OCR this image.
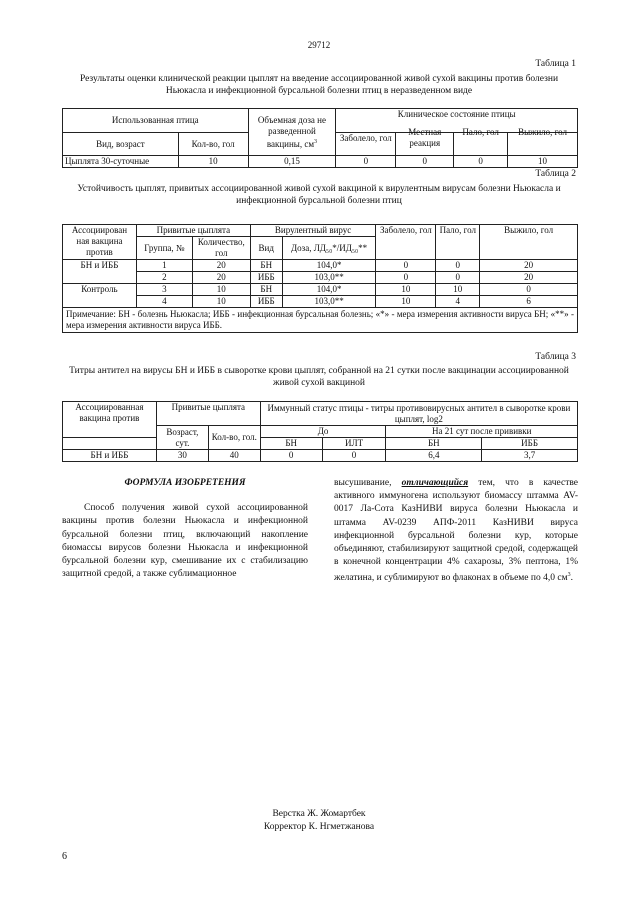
29712
Таблица 1
Результаты оценки клинической реакции цыплят на введение ассоциированной живой сухой вакцины против болезни Ньюкасла и инфекционной бурсальной болезни птиц в неразведенном виде
Использованная птица		Объемная доза не разведенной вакцины, $см^3$	Клиническое состояние птицы			
Вид, возраст	Кол-во, гол		Заболело, гол	Местная реакция	Пало, гол	Выжило, гол
Цыплята 30-суточные	10	0,15	0	0	0	10
Таблица 2
Устойчивость цыплят, привитых ассоциированной живой сухой вакциной к вирулентным вирусам болезни Ньюкасла и инфекционной бурсальной болезни птиц
Ассоциирован ная вакцина против	Привитые цыплята		Вирулентный вирус		Заболело, гол	Пало, гол	Выжило, гол
	Группа, №	Количество, гол	Вид	Доза, ЛД₅₀*/ИД₅₀**			

БН и ИББ	1	20	БН	104,0*	0	0	20
	2	20	ИББ	103,0**	0	0	20
Контроль	3	10	БН	104,0*	10	10	0
	4	10	ИББ	103,0**	10	4	6
Примечание: БН - болезнь Ньюкасла; ИББ - инфекционная бурсальная болезнь; «*» - мера измерения активности вируса БН; «**» - мера измерения активности вируса ИББ.							
Таблица 3
Титры антител на вирусы БН и ИББ в сыворотке крови цыплят, собранной на 21 сутки после вакцинации ассоциированной живой сухой вакциной
Ассоциированная вакцина против	Привитые цыплята		Иммунный статус птицы - титры противовирусных антител в сыворотке крови цыплят, log2			
	Возраст, сут.	Кол-во, гол.	До		На 21 сут после прививки	
			БН	ИЛТ	БН	ИББ
БН и ИББ	30	40	0	0	6,4	3,7
ФОРМУЛА ИЗОБРЕТЕНИЯ
Способ получения живой сухой ассоциированной вакцины против болезни Ньюкасла и инфекционной бурсальной болезни птиц, включающий накопление биомассы вирусов болезни Ньюкасла и инфекционной бурсальной болезни кур, смешивание их с стабилизацию защитной средой, а также сублимационное
высушивание, отличающийся тем, что в качестве активного иммуногена используют биомассу штамма AV-0017 Ла-Сота КазНИВИ вируса болезни Ньюкасла и штамма AV-0239 АПФ-2011 КазНИВИ вируса инфекционной бурсальной болезни кур, которые объединяют, стабилизируют защитной средой, содержащей в конечной концентрации 4% сахарозы, 3% пептона, 1% желатина, и сублимируют во флаконах в объеме по 4,0 $см^3$.
Верстка Ж. Жомартбек
Корректор К. Нгметжанова
6
